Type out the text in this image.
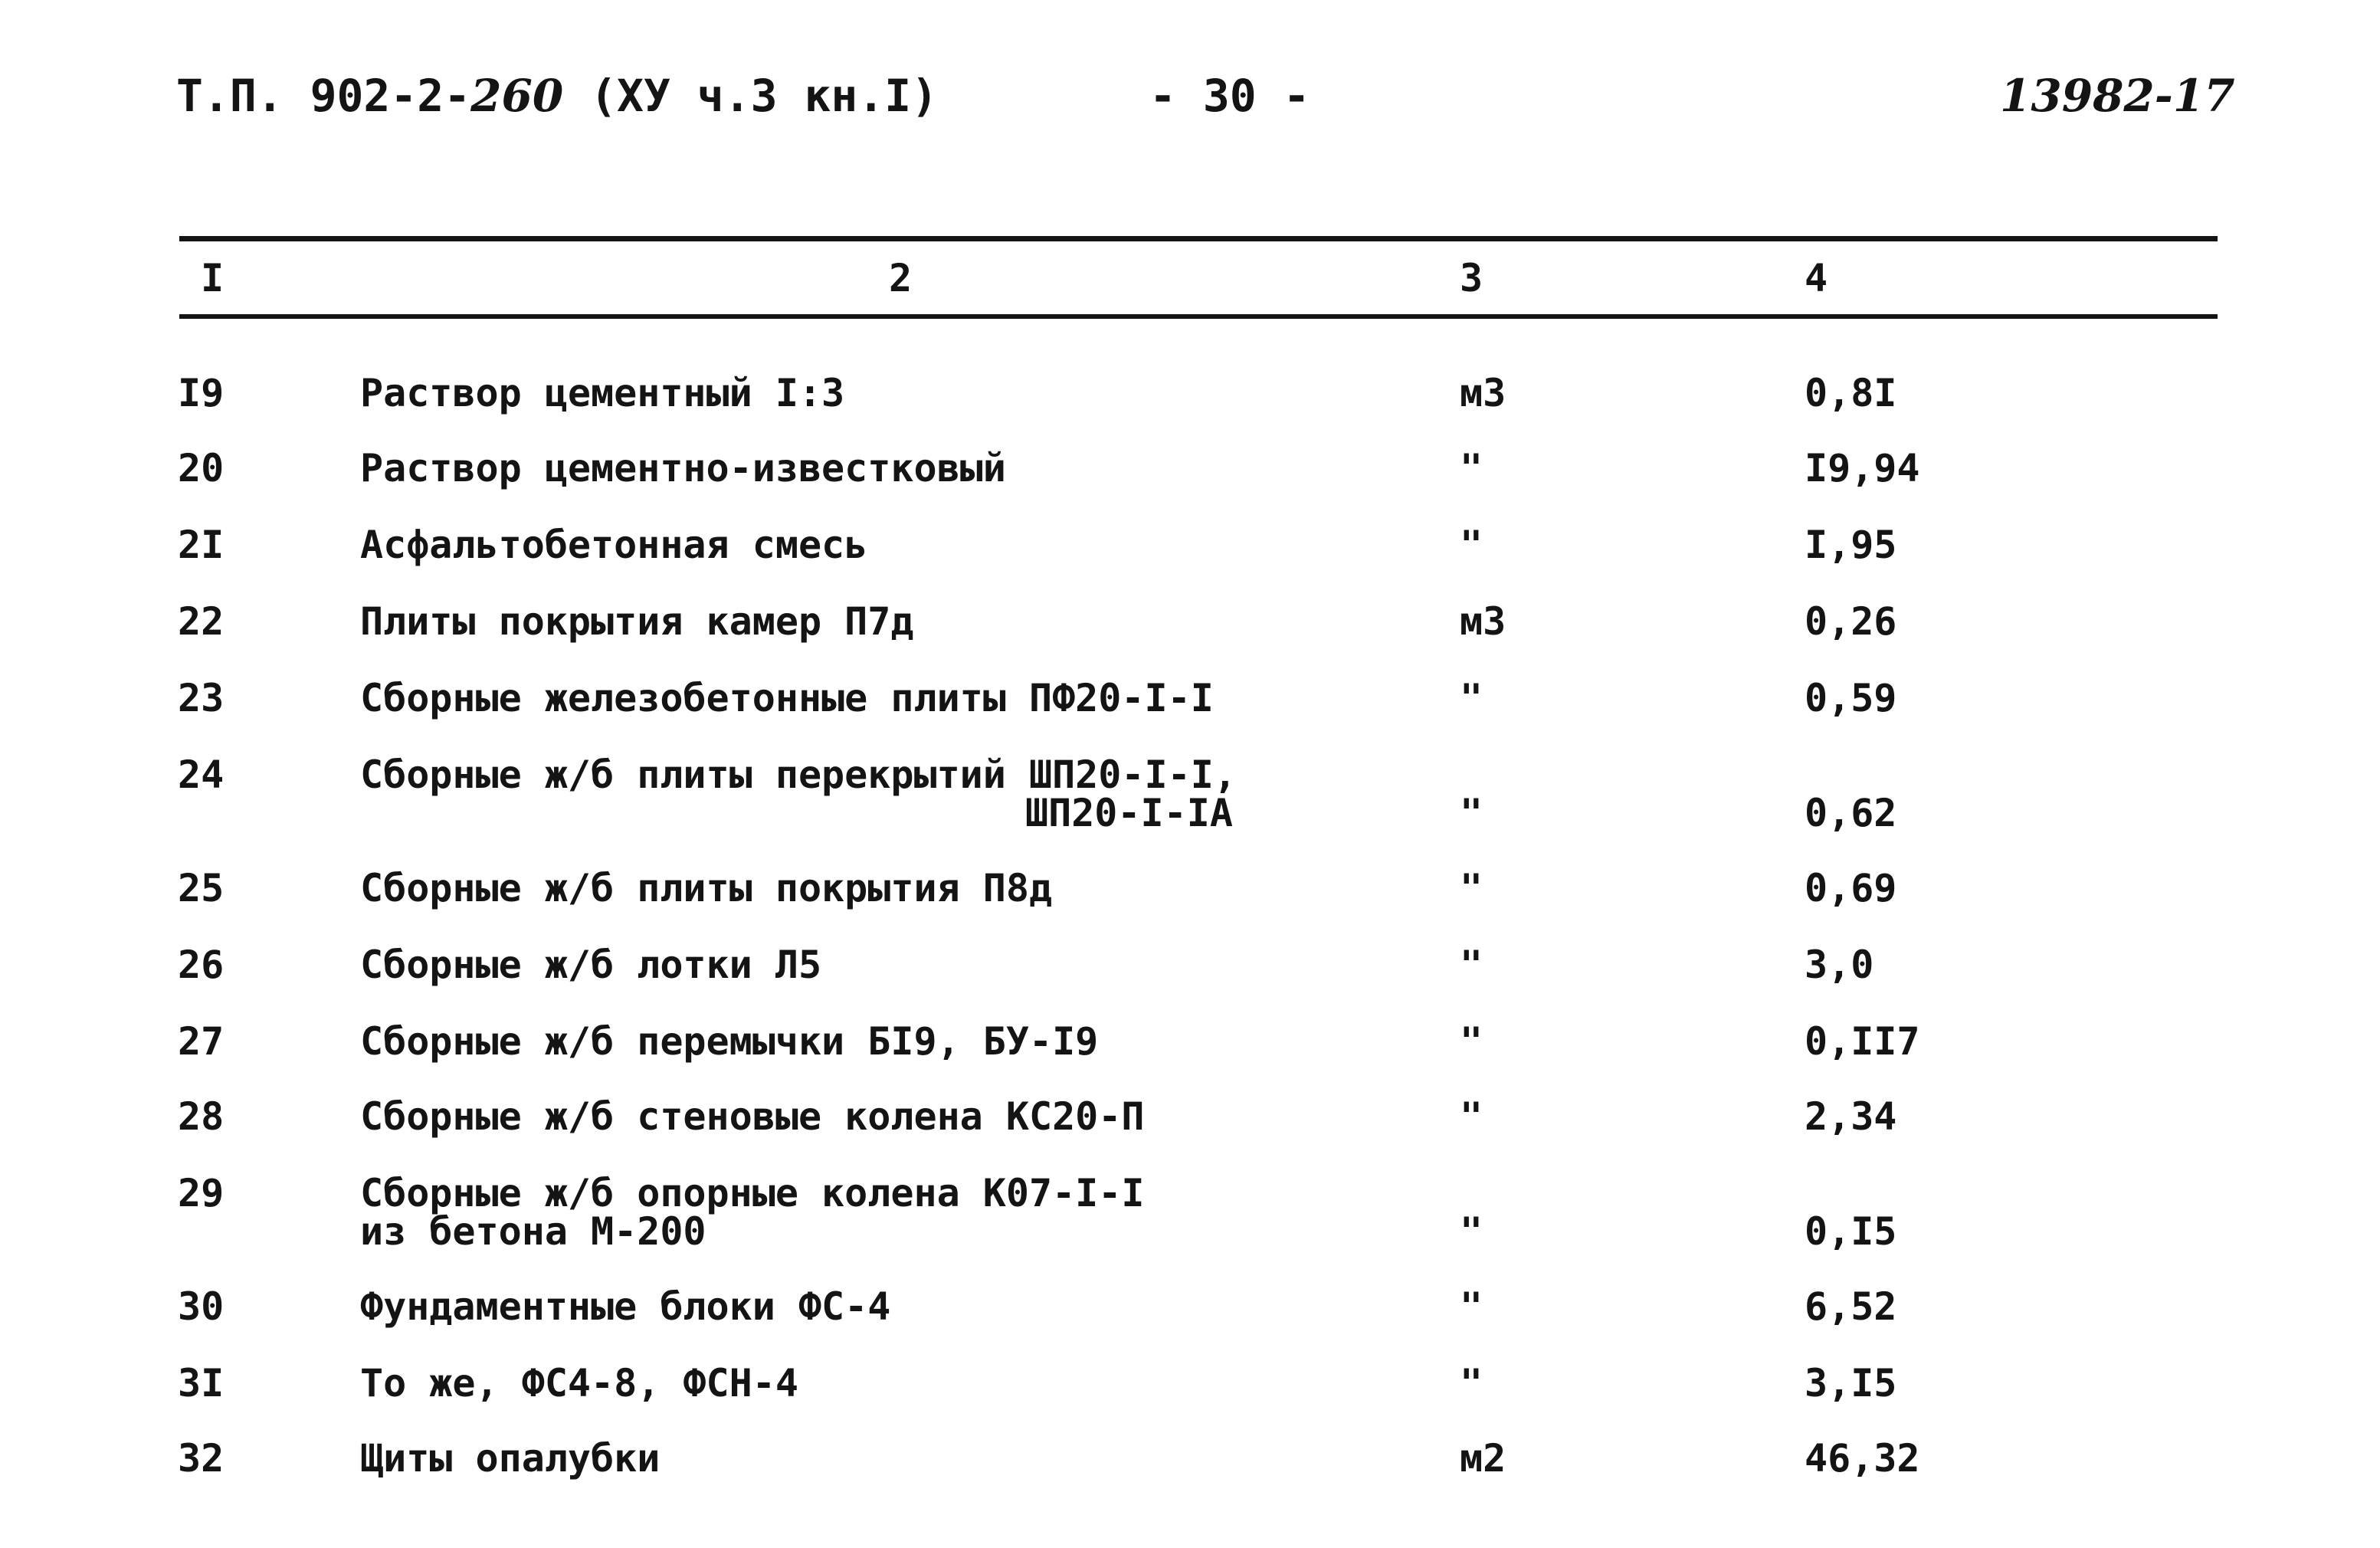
Т.П. 902-2-260 (XУ ч.3 кн.I)	- 30 -	13982-17
I	2	3	4
I9	Раствор цементный I:3	м3	0,8I
20	Раствор цементно-известковый	"	I9,94
2I	Асфальтобетонная смесь	"	I,95
22	Плиты покрытия камер П7д	м3	0,26
23	Сборные железобетонные плиты ПФ20-I-I	"	0,59
24	Сборные ж/б плиты перекрытий ШП20-I-I,
ШП20-I-IА	"	0,62
25	Сборные ж/б плиты покрытия П8д	"	0,69
26	Сборные ж/б лотки Л5	"	3,0
27	Сборные ж/б перемычки БI9, БУ-I9	"	0,II7
28	Сборные ж/б стеновые колена КС20-П	"	2,34
29	Сборные ж/б опорные колена К07-I-I
из бетона М-200	"	0,I5
30	Фундаментные блоки ФС-4	"	6,52
3I	То же, ФС4-8, ФСН-4	"	3,I5
32	Щиты опалубки	м2	46,32
